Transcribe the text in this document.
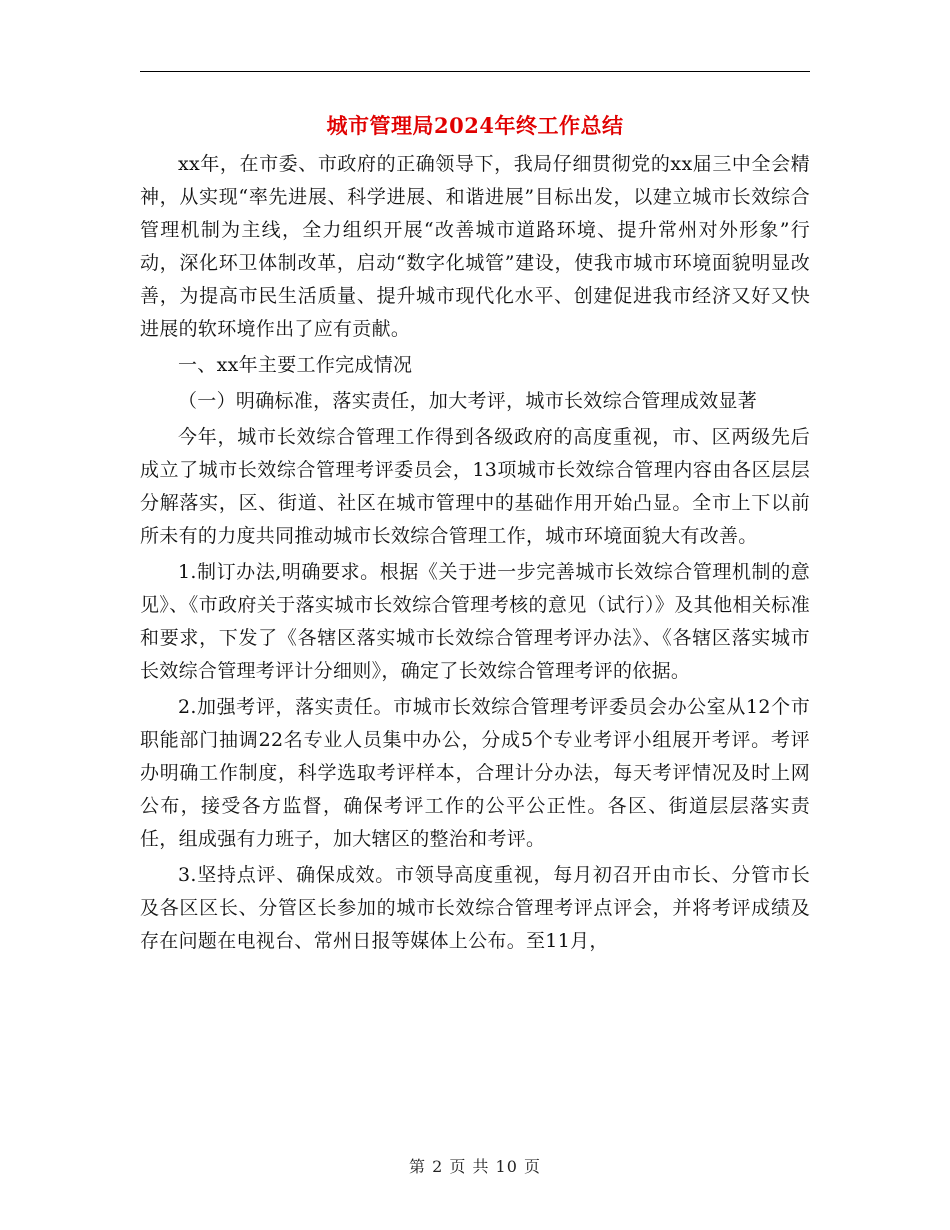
城市管理局2024年终工作总结

xx年，在市委、市政府的正确领导下，我局仔细贯彻党的xx届三中全会精神，从实现“率先进展、科学进展、和谐进展”目标出发，以建立城市长效综合管理机制为主线，全力组织开展“改善城市道路环境、提升常州对外形象”行动，深化环卫体制改革，启动“数字化城管”建设，使我市城市环境面貌明显改善，为提高市民生活质量、提升城市现代化水平、创建促进我市经济又好又快进展的软环境作出了应有贡献。

一、xx年主要工作完成情况

（一）明确标准，落实责任，加大考评，城市长效综合管理成效显著

今年，城市长效综合管理工作得到各级政府的高度重视，市、区两级先后成立了城市长效综合管理考评委员会，13项城市长效综合管理内容由各区层层分解落实，区、街道、社区在城市管理中的基础作用开始凸显。全市上下以前所未有的力度共同推动城市长效综合管理工作，城市环境面貌大有改善。

1.制订办法,明确要求。根据《关于进一步完善城市长效综合管理机制的意见》、《市政府关于落实城市长效综合管理考核的意见（试行）》及其他相关标准和要求，下发了《各辖区落实城市长效综合管理考评办法》、《各辖区落实城市长效综合管理考评计分细则》，确定了长效综合管理考评的依据。

2.加强考评，落实责任。市城市长效综合管理考评委员会办公室从12个市职能部门抽调22名专业人员集中办公，分成5个专业考评小组展开考评。考评办明确工作制度，科学选取考评样本，合理计分办法，每天考评情况及时上网公布，接受各方监督，确保考评工作的公平公正性。各区、街道层层落实责任，组成强有力班子，加大辖区的整治和考评。

3.坚持点评、确保成效。市领导高度重视，每月初召开由市长、分管市长及各区区长、分管区长参加的城市长效综合管理考评点评会，并将考评成绩及存在问题在电视台、常州日报等媒体上公布。至11月，

第 2 页 共 10 页
